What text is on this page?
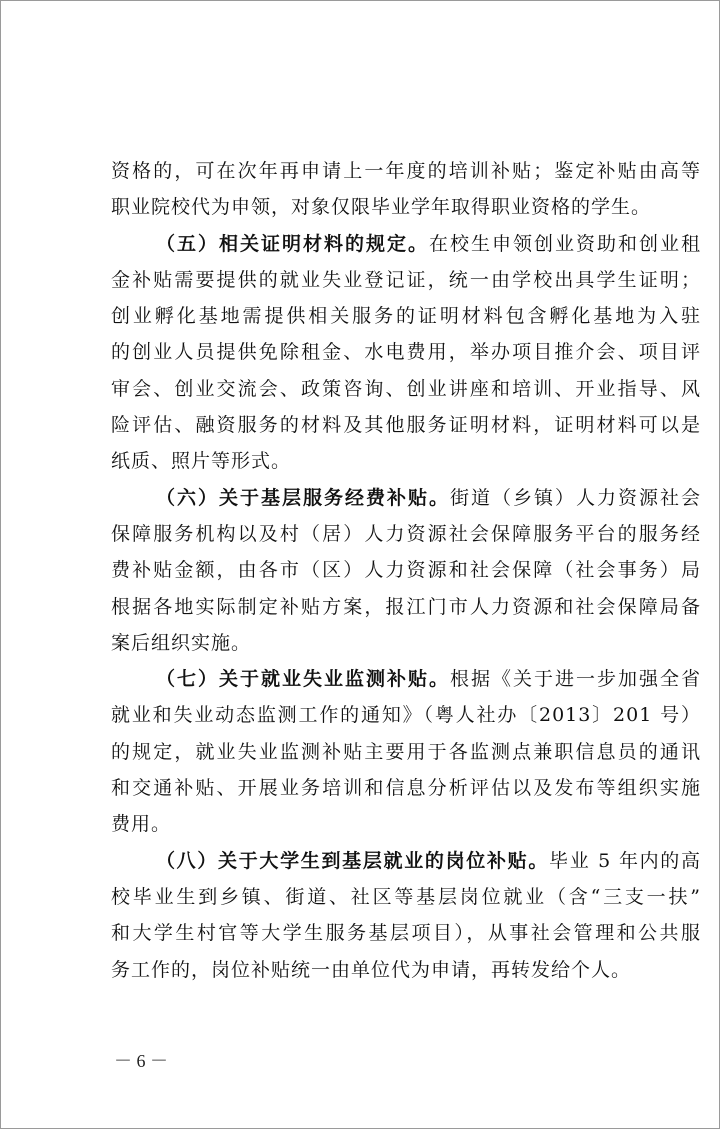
资格的，可在次年再申请上一年度的培训补贴；鉴定补贴由高等
职业院校代为申领，对象仅限毕业学年取得职业资格的学生。
（五）相关证明材料的规定。在校生申领创业资助和创业租
金补贴需要提供的就业失业登记证，统一由学校出具学生证明；
创业孵化基地需提供相关服务的证明材料包含孵化基地为入驻
的创业人员提供免除租金、水电费用，举办项目推介会、项目评
审会、创业交流会、政策咨询、创业讲座和培训、开业指导、风
险评估、融资服务的材料及其他服务证明材料，证明材料可以是
纸质、照片等形式。
（六）关于基层服务经费补贴。街道（乡镇）人力资源社会
保障服务机构以及村（居）人力资源社会保障服务平台的服务经
费补贴金额，由各市（区）人力资源和社会保障（社会事务）局
根据各地实际制定补贴方案，报江门市人力资源和社会保障局备
案后组织实施。
（七）关于就业失业监测补贴。根据《关于进一步加强全省
就业和失业动态监测工作的通知》（粤人社办〔2013〕201 号）
的规定，就业失业监测补贴主要用于各监测点兼职信息员的通讯
和交通补贴、开展业务培训和信息分析评估以及发布等组织实施
费用。
（八）关于大学生到基层就业的岗位补贴。毕业 5 年内的高
校毕业生到乡镇、街道、社区等基层岗位就业（含“三支一扶”
和大学生村官等大学生服务基层项目），从事社会管理和公共服
务工作的，岗位补贴统一由单位代为申请，再转发给个人。
－ 6 －
